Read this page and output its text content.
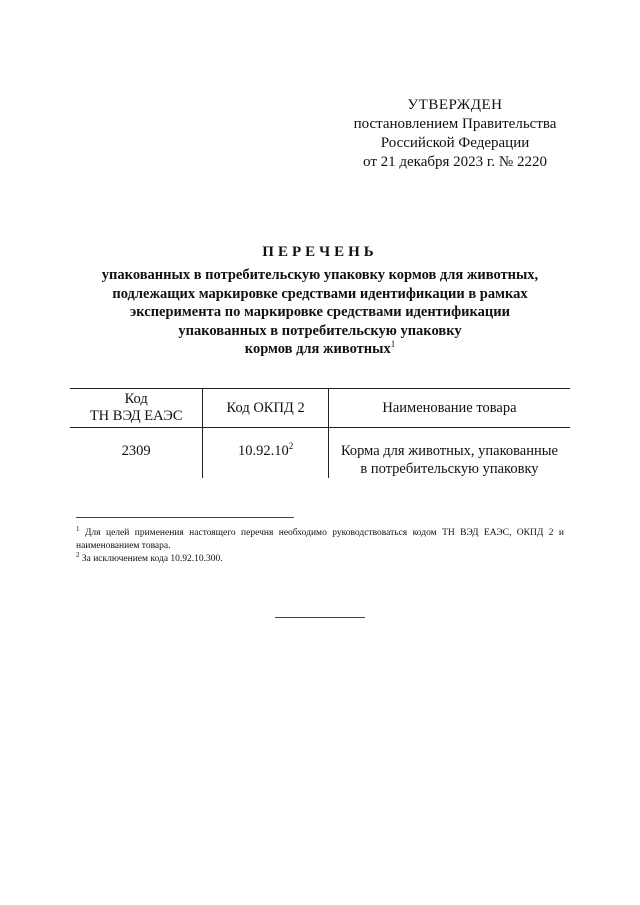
УТВЕРЖДЕН
постановлением Правительства
Российской Федерации
от 21 декабря 2023 г. № 2220
ПЕРЕЧЕНЬ
упакованных в потребительскую упаковку кормов для животных,
подлежащих маркировке средствами идентификации в рамках
эксперимента по маркировке средствами идентификации
упакованных в потребительскую упаковку
кормов для животных$^1$
Код
ТН ВЭД ЕАЭС	Код ОКПД 2	Наименование товара
2309	10.92.10$^2$	Корма для животных, упакованные
в потребительскую упаковку
$^1$ Для целей применения настоящего перечня необходимо руководствоваться кодом ТН ВЭД ЕАЭС, ОКПД 2 и наименованием товара.
$^2$ За исключением кода 10.92.10.300.
